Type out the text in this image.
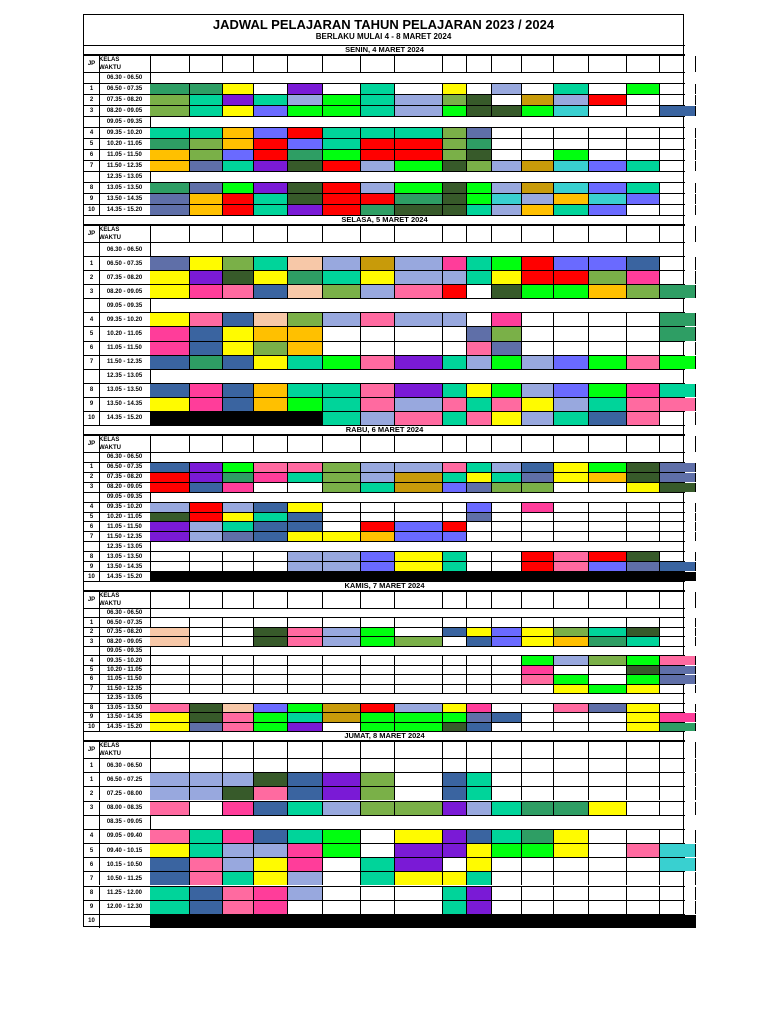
JADWAL PELAJARAN TAHUN PELAJARAN 2023 / 2024
BERLAKU MULAI 4 - 8 MARET 2024
SENIN, 4 MARET 2024
JP
KELAS
WAKTU
06.30 - 06.50
1	06.50 - 07.35
2	07.35 - 08.20
3	08.20 - 09.05
09.05 - 09.35
4	09.35 - 10.20
5	10.20 - 11.05
6	11.05 - 11.50
7	11.50 - 12.35
12.35 - 13.05
8	13.05 - 13.50
9	13.50 - 14.35
10	14.35 - 15.20
SELASA, 5 MARET 2024
JP
KELAS
WAKTU
06.30 - 06.50
1	06.50 - 07.35
2	07.35 - 08.20
3	08.20 - 09.05
09.05 - 09.35
4	09.35 - 10.20
5	10.20 - 11.05
6	11.05 - 11.50
7	11.50 - 12.35
12.35 - 13.05
8	13.05 - 13.50
9	13.50 - 14.35
10	14.35 - 15.20
RABU, 6 MARET 2024
JP
KELAS
WAKTU
06.30 - 06.50
1	06.50 - 07.35
2	07.35 - 08.20
3	08.20 - 09.05
09.05 - 09.35
4	09.35 - 10.20
5	10.20 - 11.05
6	11.05 - 11.50
7	11.50 - 12.35
12.35 - 13.05
8	13.05 - 13.50
9	13.50 - 14.35
10	14.35 - 15.20
KAMIS, 7 MARET 2024
JP
KELAS
WAKTU
06.30 - 06.50
1	06.50 - 07.35
2	07.35 - 08.20
3	08.20 - 09.05
09.05 - 09.35
4	09.35 - 10.20
5	10.20 - 11.05
6	11.05 - 11.50
7	11.50 - 12.35
12.35 - 13.05
8	13.05 - 13.50
9	13.50 - 14.35
10	14.35 - 15.20
JUMAT, 8 MARET 2024
JP
KELAS
WAKTU
1	06.30 - 06.50
1	06.50 - 07.25
2	07.25 - 08.00
3	08.00 - 08.35
08.35 - 09.05
4	09.05 - 09.40
5	09.40 - 10.15
6	10.15 - 10.50
7	10.50 - 11.25
8	11.25 - 12.00
9	12.00 - 12.30
10
